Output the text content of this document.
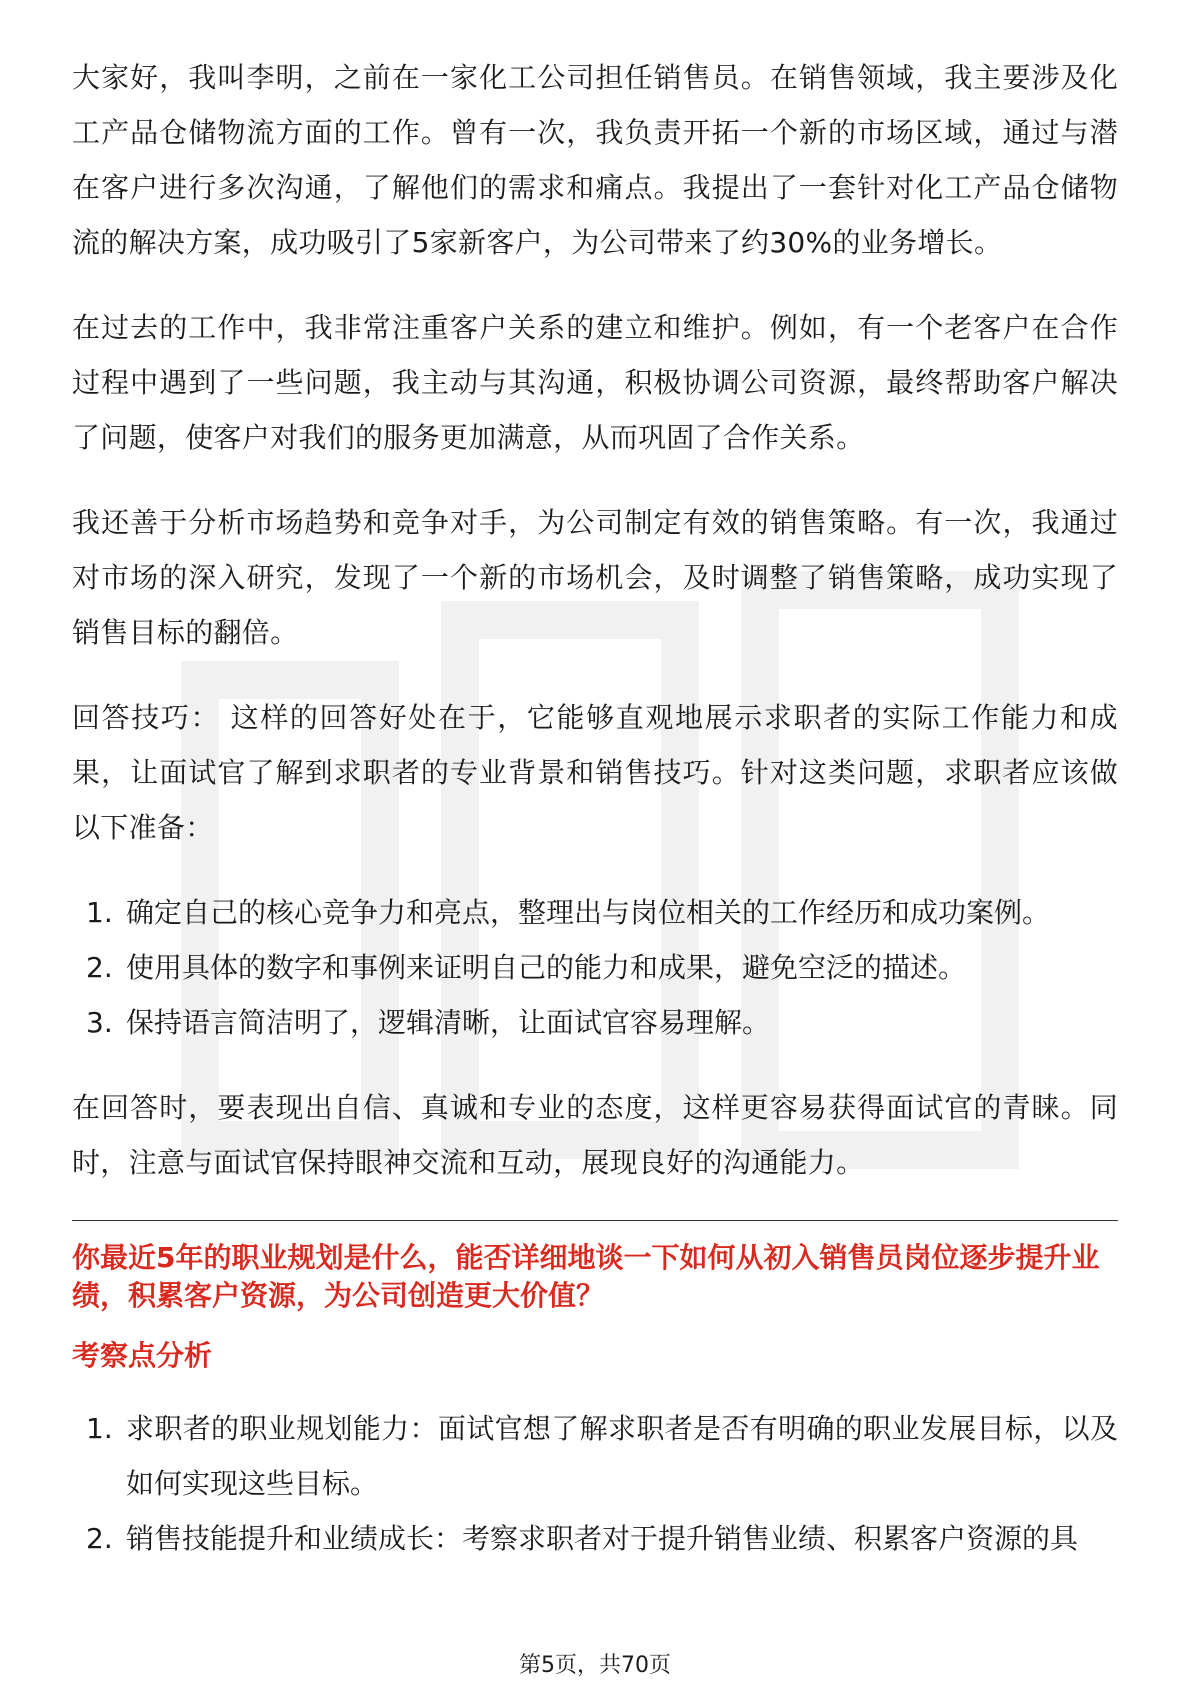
大家好，我叫李明，之前在一家化工公司担任销售员。在销售领域，我主要涉及化工产品仓储物流方面的工作。曾有一次，我负责开拓一个新的市场区域，通过与潜在客户进行多次沟通，了解他们的需求和痛点。我提出了一套针对化工产品仓储物流的解决方案，成功吸引了5家新客户，为公司带来了约30%的业务增长。

在过去的工作中，我非常注重客户关系的建立和维护。例如，有一个老客户在合作过程中遇到了一些问题，我主动与其沟通，积极协调公司资源，最终帮助客户解决了问题，使客户对我们的服务更加满意，从而巩固了合作关系。

我还善于分析市场趋势和竞争对手，为公司制定有效的销售策略。有一次，我通过对市场的深入研究，发现了一个新的市场机会，及时调整了销售策略，成功实现了销售目标的翻倍。

回答技巧： 这样的回答好处在于，它能够直观地展示求职者的实际工作能力和成果，让面试官了解到求职者的专业背景和销售技巧。针对这类问题，求职者应该做以下准备：

1. 确定自己的核心竞争力和亮点，整理出与岗位相关的工作经历和成功案例。
2. 使用具体的数字和事例来证明自己的能力和成果，避免空泛的描述。
3. 保持语言简洁明了，逻辑清晰，让面试官容易理解。

在回答时，要表现出自信、真诚和专业的态度，这样更容易获得面试官的青睐。同时，注意与面试官保持眼神交流和互动，展现良好的沟通能力。

你最近5年的职业规划是什么，能否详细地谈一下如何从初入销售员岗位逐步提升业绩，积累客户资源，为公司创造更大价值？
考察点分析
1. 求职者的职业规划能力：面试官想了解求职者是否有明确的职业发展目标，以及如何实现这些目标。
2. 销售技能提升和业绩成长：考察求职者对于提升销售业绩、积累客户资源的具
第5页，共70页
